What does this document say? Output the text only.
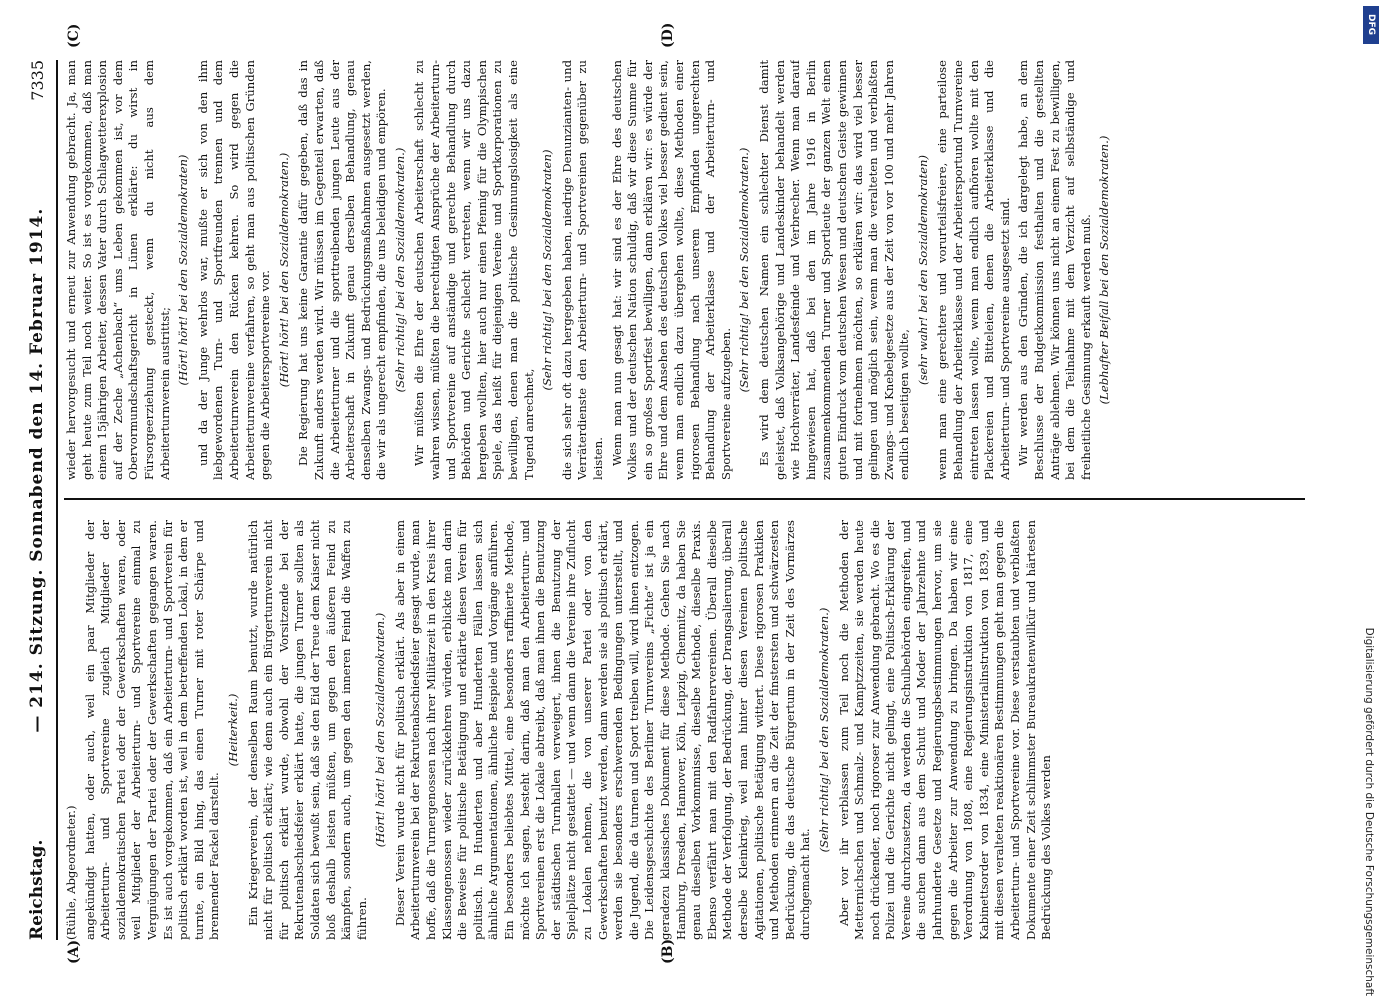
Reichstag.
— 214. Sitzung. Sonnabend den 14. Februar 1914.
7335
(A)	(B)
(C)	(D)

(Rühle, Abgeordneter.) angekündigt hatten, oder auch, weil ein paar Mitglieder der Arbeiterturn- und Sportvereine zugleich Mitglieder der sozialdemokratischen Partei oder der Gewerkschaften waren, oder weil Mitglieder der Arbeiterturn- und Sportvereine einmal zu Vergnügungen der Partei oder der Gewerkschaften gegangen waren. Es ist auch vorgekommen, daß ein Arbeiterturn- und Sportverein für politisch erklärt worden ist, weil in dem betreffenden Lokal, in dem er turnte, ein Bild hing, das einen Turner mit roter Schärpe und brennender Fackel darstellt.

(Heiterkeit.) Ein Kriegerverein, der denselben Raum benutzt, wurde natürlich nicht für politisch erklärt; wie denn auch ein Bürgerturnverein nicht für politisch erklärt wurde, obwohl der Vorsitzende bei der Rekrutenabschiedsfeier erklärt hatte, die jungen Turner sollten als Soldaten sich bewußt sein, daß sie den Eid der Treue dem Kaiser nicht bloß deshalb leisten müßten, um gegen den äußeren Feind zu kämpfen, sondern auch, um gegen den inneren Feind die Waffen zu führen.

(Hört! hört! bei den Sozialdemokraten.) Dieser Verein wurde nicht für politisch erklärt. Als aber in einem Arbeiterturnverein bei der Rekrutenabschiedsfeier gesagt wurde, man hoffe, daß die Turnergenossen nach ihrer Militärzeit in den Kreis ihrer Klassengenossen wieder zurückkehren würden, erblickte man darin die Beweise für politische Betätigung und erklärte diesen Verein für politisch. In Hunderten und aber Hunderten Fällen lassen sich ähnliche Argumentationen, ähnliche Beispiele und Vorgänge anführen. Ein besonders beliebtes Mittel, eine besonders raffinierte Methode, möchte ich sagen, besteht darin, daß man den Arbeiterturn- und Sportvereinen erst die Lokale abtreibt, daß man ihnen die Benutzung der städtischen Turnhallen verweigert, ihnen die Benutzung der Spielplätze nicht gestattet — und wenn dann die Vereine ihre Zuflucht zu Lokalen nehmen, die von unserer Partei oder von den Gewerkschaften benutzt werden, dann werden sie als politisch erklärt, werden sie besonders erschwerenden Bedingungen unterstellt, und die Jugend, die da turnen und Sport treiben will, wird ihnen entzogen. Die Leidensgeschichte des Berliner Turnvereins „Fichte“ ist ja ein geradezu klassisches Dokument für diese Methode. Gehen Sie nach Hamburg, Dresden, Hannover, Köln, Leipzig, Chemnitz, da haben Sie genau dieselben Vorkommnisse, dieselbe Methode, dieselbe Praxis. Ebenso verfährt man mit den Radfahrervereinen. Überall dieselbe Methode der Verfolgung, der Bedrückung, der Drangsalierung, überall derselbe Kleinkrieg, weil man hinter diesen Vereinen politische Agitationen, politische Betätigung wittert. Diese rigorosen Praktiken und Methoden erinnern an die Zeit der finstersten und schwärzesten Bedrückung, die das deutsche Bürgertum in der Zeit des Vormärzes durchgemacht hat.

(Sehr richtig! bei den Sozialdemokraten.) Aber vor ihr verblassen zum Teil noch die Methoden der Metternichschen und Schmalz- und Kamptzzeiten, sie werden heute noch drückender, noch rigoroser zur Anwendung gebracht. Wo es die Polizei und die Gerichte nicht gelingt, eine Politisch-Erklärung der Vereine durchzusetzen, da werden die Schulbehörden eingreifen, und die suchen dann aus dem Schutt und Moder der Jahrzehnte und Jahrhunderte Gesetze und Regierungsbestimmungen hervor, um sie gegen die Arbeiter zur Anwendung zu bringen. Da haben wir eine Verordnung von 1808, eine Regierungsinstruktion von 1817, eine Kabinettsorder von 1834, eine Ministerialinstruktion von 1839, und mit diesen veralteten reaktionären Bestimmungen geht man gegen die Arbeiterturn- und Sportvereine vor. Diese verstaubten und verblaßten Dokumente einer Zeit schlimmster Bureaukratenwillkür und härtesten Bedrückung des Volkes werden

wieder hervorgesucht und erneut zur Anwendung gebracht. Ja, man geht heute zum Teil noch weiter. So ist es vorgekommen, daß man einem 15jährigen Arbeiter, dessen Vater durch Schlagwetterexplosion auf der Zeche „Achenbach“ ums Leben gekommen ist, vor dem Obervormundschaftsgericht in Lünen erklärte: du wirst in Fürsorgeerziehung gesteckt, wenn du nicht aus dem Arbeiterturnverein austrittst;

(Hört! hört! bei den Sozialdemokraten) und da der Junge wehrlos war, mußte er sich von den ihm liebgewordenen Turn- und Sportfreunden trennen und dem Arbeiterturnverein den Rücken kehren. So wird gegen die Arbeiterturnvereine verfahren, so geht man aus politischen Gründen gegen die Arbeitersportvereine vor. (Hört! hört! bei den Sozialdemokraten.) Die Regierung hat uns keine Garantie dafür gegeben, daß das in Zukunft anders werden wird. Wir müssen im Gegenteil erwarten, daß die Arbeiterturner und die sporttreibenden jungen Leute aus der Arbeiterschaft in Zukunft genau derselben Behandlung, genau denselben Zwangs- und Bedrückungsmaßnahmen ausgesetzt werden, die wir als ungerecht empfinden, die uns beleidigen und empören. (Sehr richtig! bei den Sozialdemokraten.) Wir müßten die Ehre der deutschen Arbeiterschaft schlecht zu wahren wissen, müßten die berechtigten Ansprüche der Arbeiterturn- und Sportvereine auf anständige und gerechte Behandlung durch Behörden und Gerichte schlecht vertreten, wenn wir uns dazu hergeben wollten, hier auch nur einen Pfennig für die Olympischen Spiele, das heißt für diejenigen Vereine und Sportkorporationen zu bewilligen, denen man die politische Gesinnungslosigkeit als eine Tugend anrechnet,

(Sehr richtig! bei den Sozialdemokraten) die sich sehr oft dazu hergegeben haben, niedrige Denunzianten- und Verräterdienste den Arbeiterturn- und Sportvereinen gegenüber zu leisten. Wenn man nun gesagt hat: wir sind es der Ehre des deutschen Volkes und der deutschen Nation schuldig, daß wir diese Summe für ein so großes Sportfest bewilligen, dann erklären wir: es würde der Ehre und dem Ansehen des deutschen Volkes viel besser gedient sein, wenn man endlich dazu übergehen wollte, diese Methoden einer rigorosen Behandlung nach unserem Empfinden ungerechten Behandlung der Arbeiterklasse und der Arbeiterturn- und Sportvereine aufzugeben.

(Sehr richtig! bei den Sozialdemokraten.) Es wird dem deutschen Namen ein schlechter Dienst damit geleistet, daß Volksangehörige und Landeskinder behandelt werden wie Hochverräter, Landesfeinde und Verbrecher. Wenn man darauf hingewiesen hat, daß bei den im Jahre 1916 in Berlin zusammenkommenden Turner und Sportleute der ganzen Welt einen guten Eindruck vom deutschen Wesen und deutschen Geiste gewinnen und mit fortnehmen möchten, so erklären wir: das wird viel besser gelingen und möglich sein, wenn man die veralteten und verblaßten Zwangs- und Knebelgesetze aus der Zeit von vor 100 und mehr Jahren endlich beseitigen wollte,

(sehr wahr! bei den Sozialdemokraten) wenn man eine gerechtere und vorurteilsfreiere, eine parteilose Behandlung der Arbeiterklasse und der Arbeitersportund Turnvereine eintreten lassen wollte, wenn man endlich aufhören wollte mit den Plackereien und Bitteleien, denen die Arbeiterklasse und die Arbeiterturn- und Sportvereine ausgesetzt sind. Wir werden aus den Gründen, die ich dargelegt habe, an dem Beschlusse der Budgetkommission festhalten und die gestellten Anträge ablehnen. Wir können uns nicht an einem Fest zu bewilligen, bei dem die Teilnahme mit dem Verzicht auf selbständige und freiheitliche Gesinnung erkauft werden muß. (Lebhafter Beifall bei den Sozialdemokraten.)

Digitalisierung gefördert durch die Deutsche Forschungsgemeinschaft
DFG
